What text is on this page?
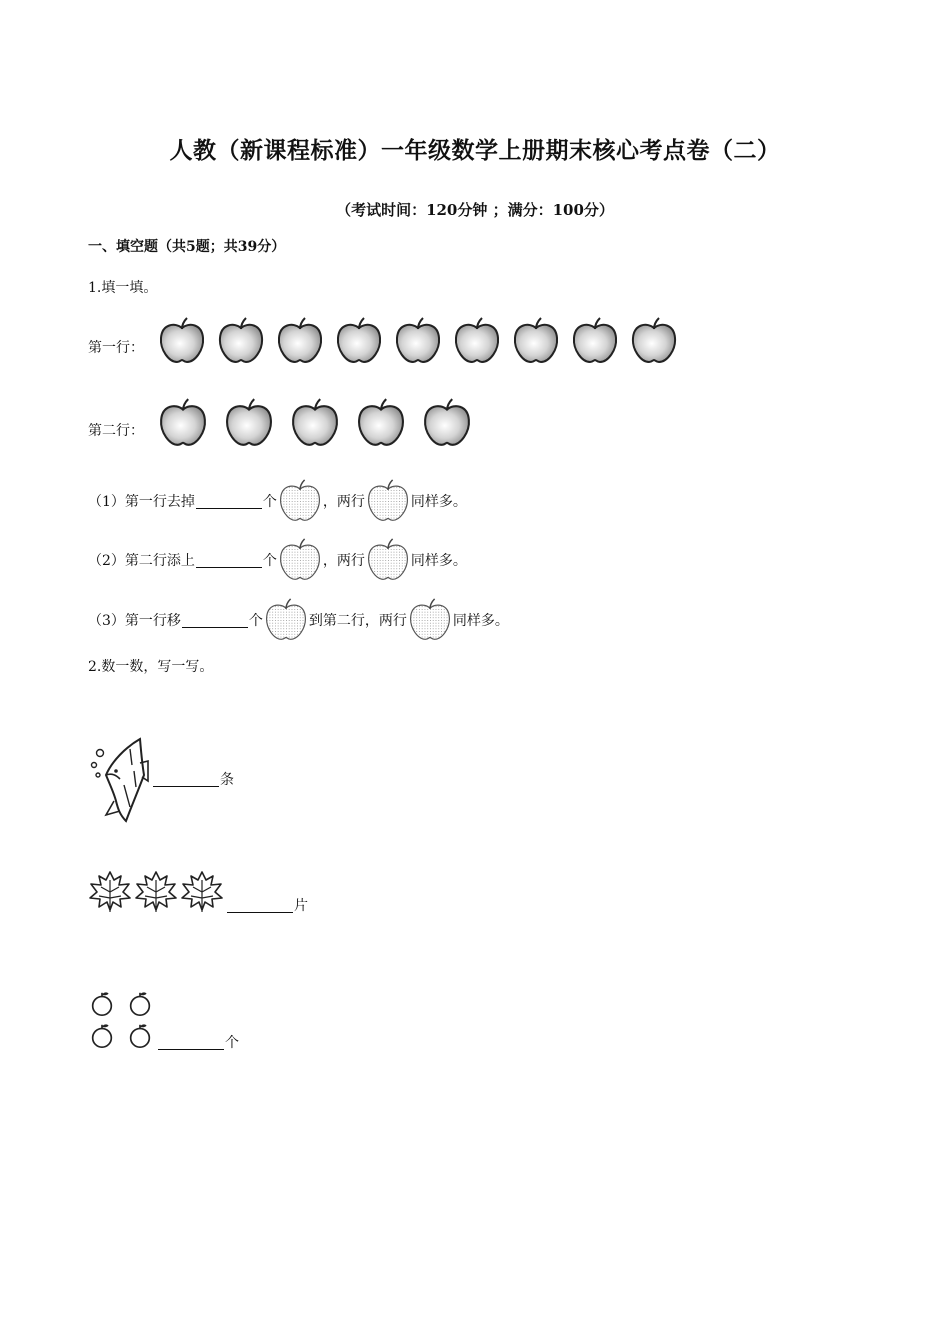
人教（新课程标准）一年级数学上册期末核心考点卷（二）
（考试时间：120分钟 ；满分：100分）
一、填空题（共5题；共39分）
1.填一填。
第一行：
第二行：
（1）第一行去掉	个	，两行	同样多。
（2）第二行添上	个	，两行	同样多。
（3）第一行移	个	到第二行，两行	同样多。
2.数一数，写一写。
条
片
个
